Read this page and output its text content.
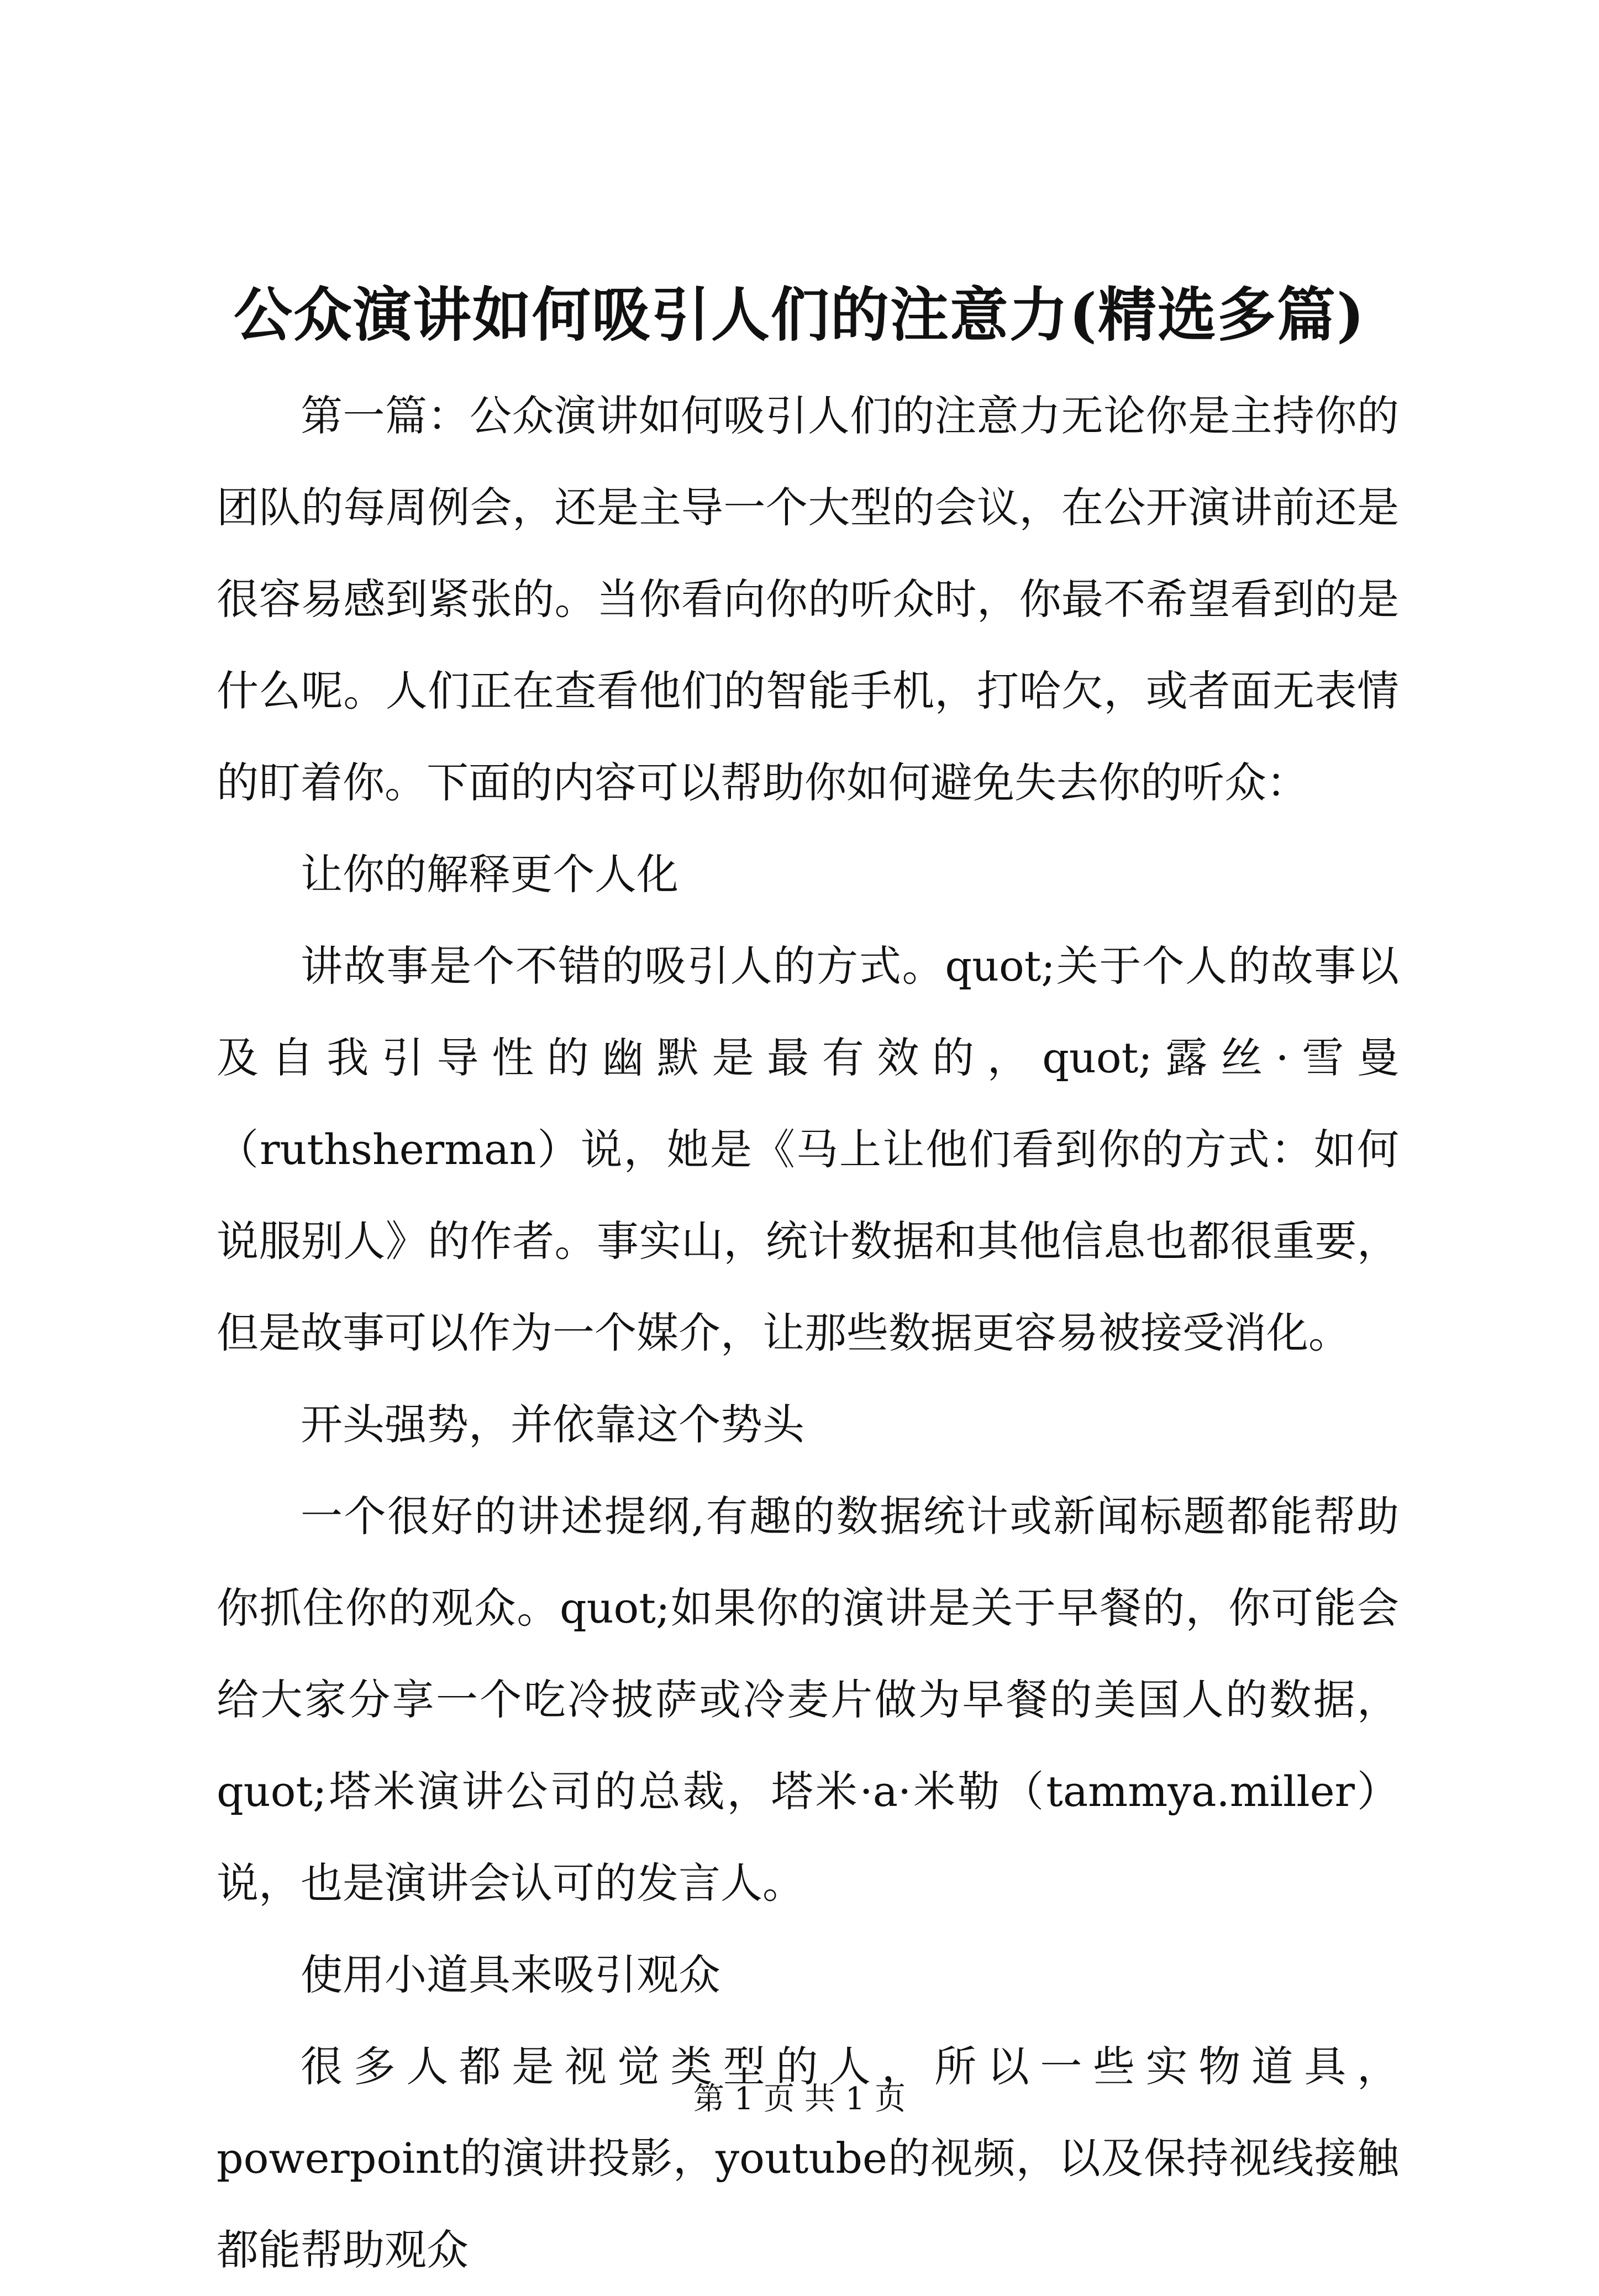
公众演讲如何吸引人们的注意力(精选多篇)

第一篇：公众演讲如何吸引人们的注意力无论你是主持你的团队的每周例会，还是主导一个大型的会议，在公开演讲前还是很容易感到紧张的。当你看向你的听众时，你最不希望看到的是什么呢。人们正在查看他们的智能手机，打哈欠，或者面无表情的盯着你。下面的内容可以帮助你如何避免失去你的听众：

让你的解释更个人化

讲故事是个不错的吸引人的方式。quot;关于个人的故事以及自我引导性的幽默是最有效的，quot;露丝·雪曼（ruthsherman）说，她是《马上让他们看到你的方式：如何说服别人》的作者。事实山，统计数据和其他信息也都很重要，但是故事可以作为一个媒介，让那些数据更容易被接受消化。

开头强势，并依靠这个势头

一个很好的讲述提纲,有趣的数据统计或新闻标题都能帮助你抓住你的观众。quot;如果你的演讲是关于早餐的，你可能会给大家分享一个吃冷披萨或冷麦片做为早餐的美国人的数据，quot;塔米演讲公司的总裁，塔米·a·米勒（tammya.miller）说，也是演讲会认可的发言人。

使用小道具来吸引观众

很多人都是视觉类型的人，所以一些实物道具，powerpoint的演讲投影，youtube的视频，以及保持视线接触都能帮助观众

第 1 页 共 1 页
